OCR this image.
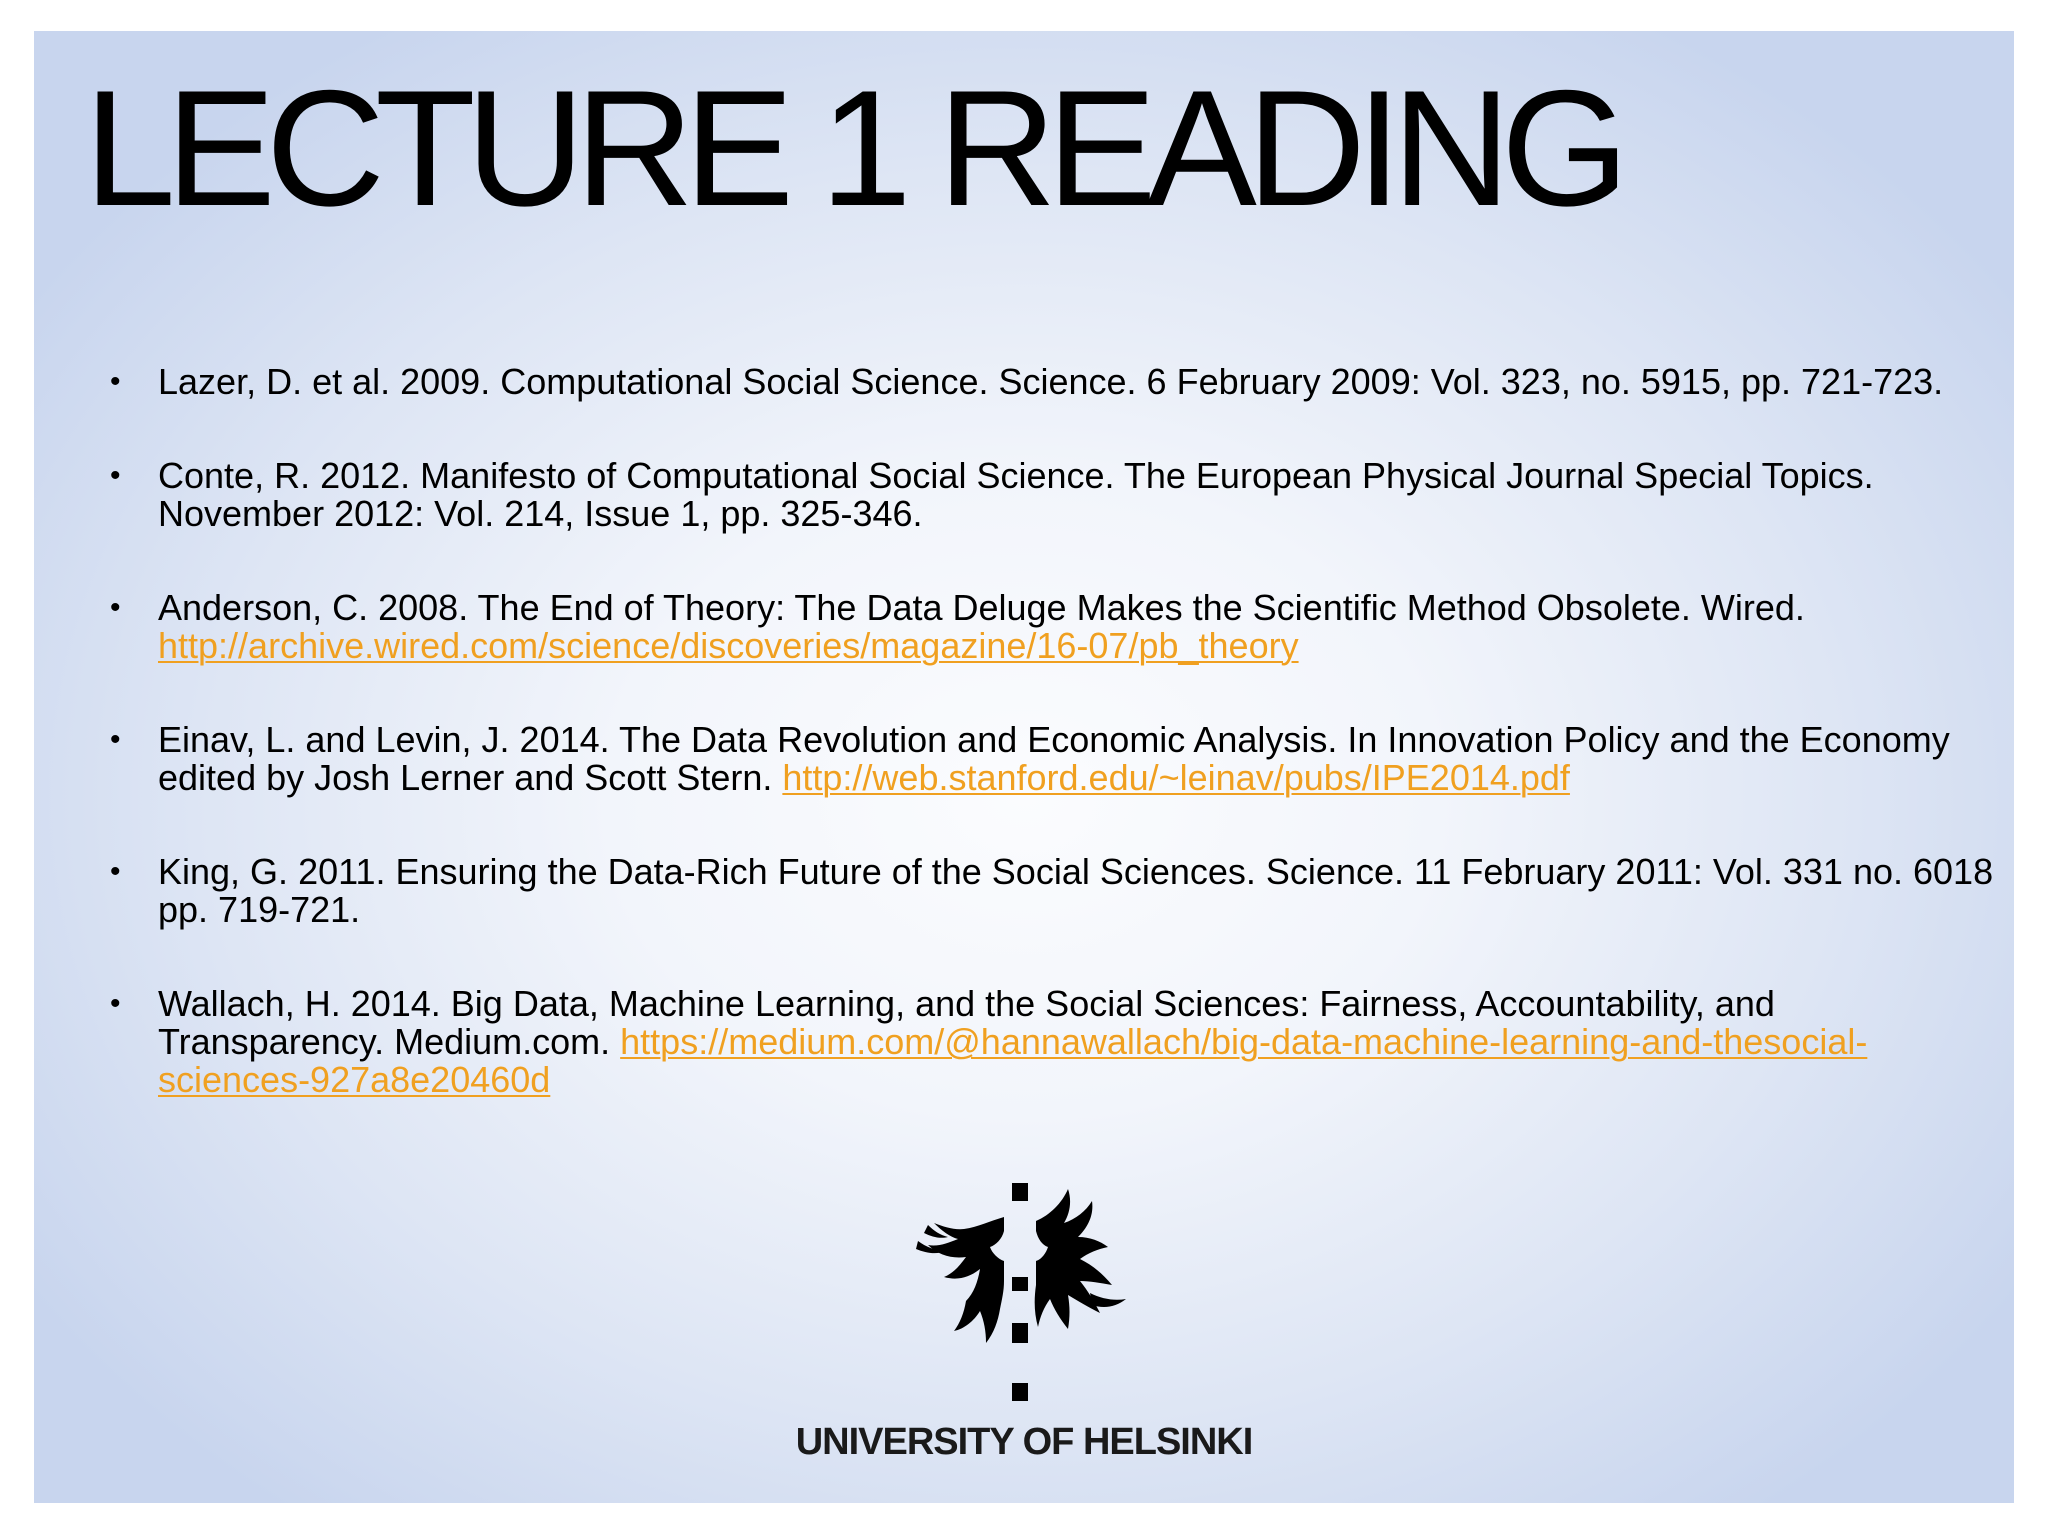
LECTURE 1 READING
• Lazer, D. et al. 2009. Computational Social Science. Science. 6 February 2009: Vol. 323, no. 5915, pp. 721-723.
• Conte, R. 2012. Manifesto of Computational Social Science. The European Physical Journal Special Topics. November 2012: Vol. 214, Issue 1, pp. 325-346.
• Anderson, C. 2008. The End of Theory: The Data Deluge Makes the Scientific Method Obsolete. Wired.
http://archive.wired.com/science/discoveries/magazine/16-07/pb_theory
• Einav, L. and Levin, J. 2014. The Data Revolution and Economic Analysis. In Innovation Policy and the Economy edited by Josh Lerner and Scott Stern. http://web.stanford.edu/~leinav/pubs/IPE2014.pdf
• King, G. 2011. Ensuring the Data-Rich Future of the Social Sciences. Science. 11 February 2011: Vol. 331 no. 6018 pp. 719-721.
• Wallach, H. 2014. Big Data, Machine Learning, and the Social Sciences: Fairness, Accountability, and Transparency. Medium.com. https://medium.com/@hannawallach/big-data-machine-learning-and-thesocial-sciences-927a8e20460d
UNIVERSITY OF HELSINKI
